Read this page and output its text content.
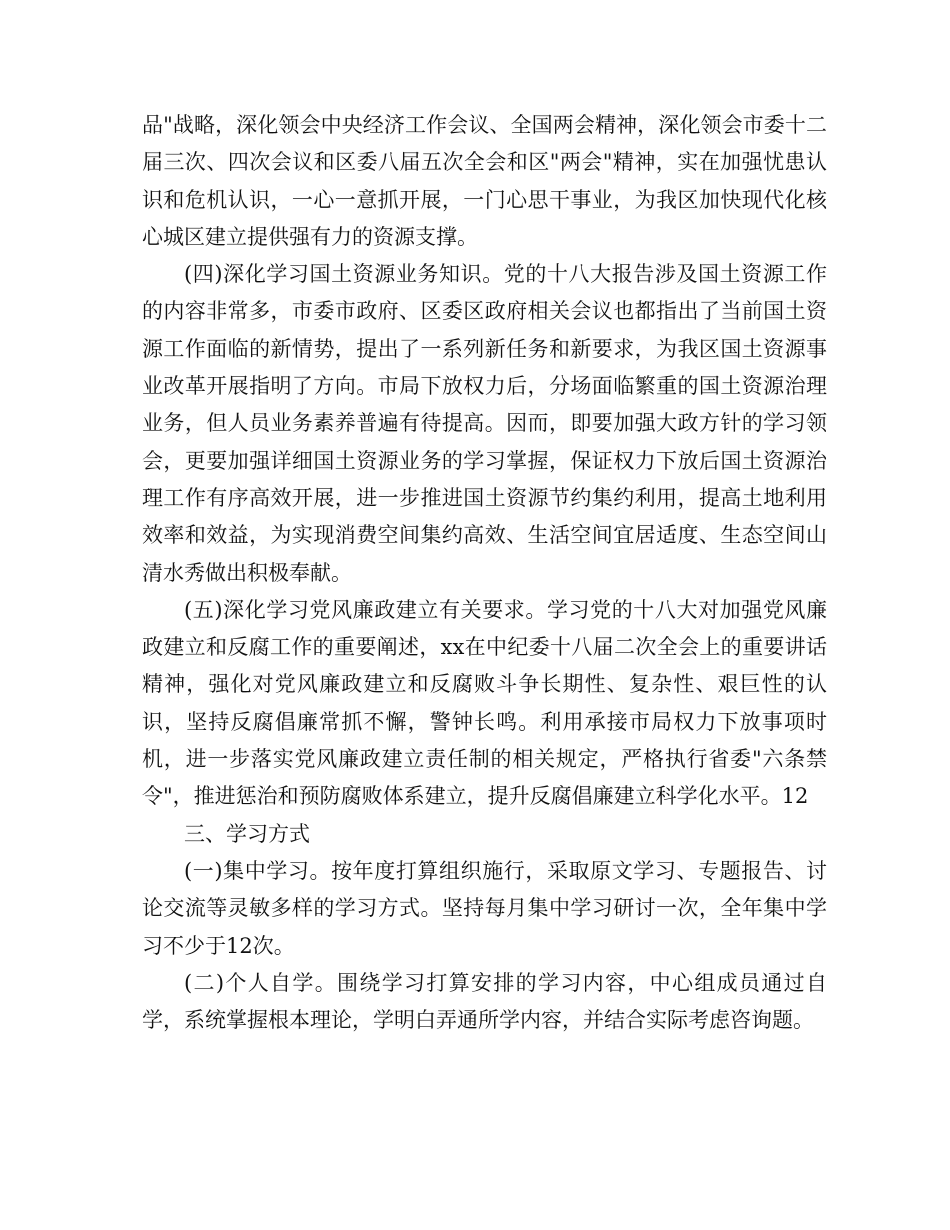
品"战略，深化领会中央经济工作会议、全国两会精神，深化领会市委十二届三次、四次会议和区委八届五次全会和区"两会"精神，实在加强忧患认识和危机认识，一心一意抓开展，一门心思干事业，为我区加快现代化核心城区建立提供强有力的资源支撑。

(四)深化学习国土资源业务知识。党的十八大报告涉及国土资源工作的内容非常多，市委市政府、区委区政府相关会议也都指出了当前国土资源工作面临的新情势，提出了一系列新任务和新要求，为我区国土资源事业改革开展指明了方向。市局下放权力后，分场面临繁重的国土资源治理业务，但人员业务素养普遍有待提高。因而，即要加强大政方针的学习领会，更要加强详细国土资源业务的学习掌握，保证权力下放后国土资源治理工作有序高效开展，进一步推进国土资源节约集约利用，提高土地利用效率和效益，为实现消费空间集约高效、生活空间宜居适度、生态空间山清水秀做出积极奉献。

(五)深化学习党风廉政建立有关要求。学习党的十八大对加强党风廉政建立和反腐工作的重要阐述，xx在中纪委十八届二次全会上的重要讲话精神，强化对党风廉政建立和反腐败斗争长期性、复杂性、艰巨性的认识，坚持反腐倡廉常抓不懈，警钟长鸣。利用承接市局权力下放事项时机，进一步落实党风廉政建立责任制的相关规定，严格执行省委"六条禁令"，推进惩治和预防腐败体系建立，提升反腐倡廉建立科学化水平。12

三、学习方式

(一)集中学习。按年度打算组织施行，采取原文学习、专题报告、讨论交流等灵敏多样的学习方式。坚持每月集中学习研讨一次，全年集中学习不少于12次。

(二)个人自学。围绕学习打算安排的学习内容，中心组成员通过自学，系统掌握根本理论，学明白弄通所学内容，并结合实际考虑咨询题。
